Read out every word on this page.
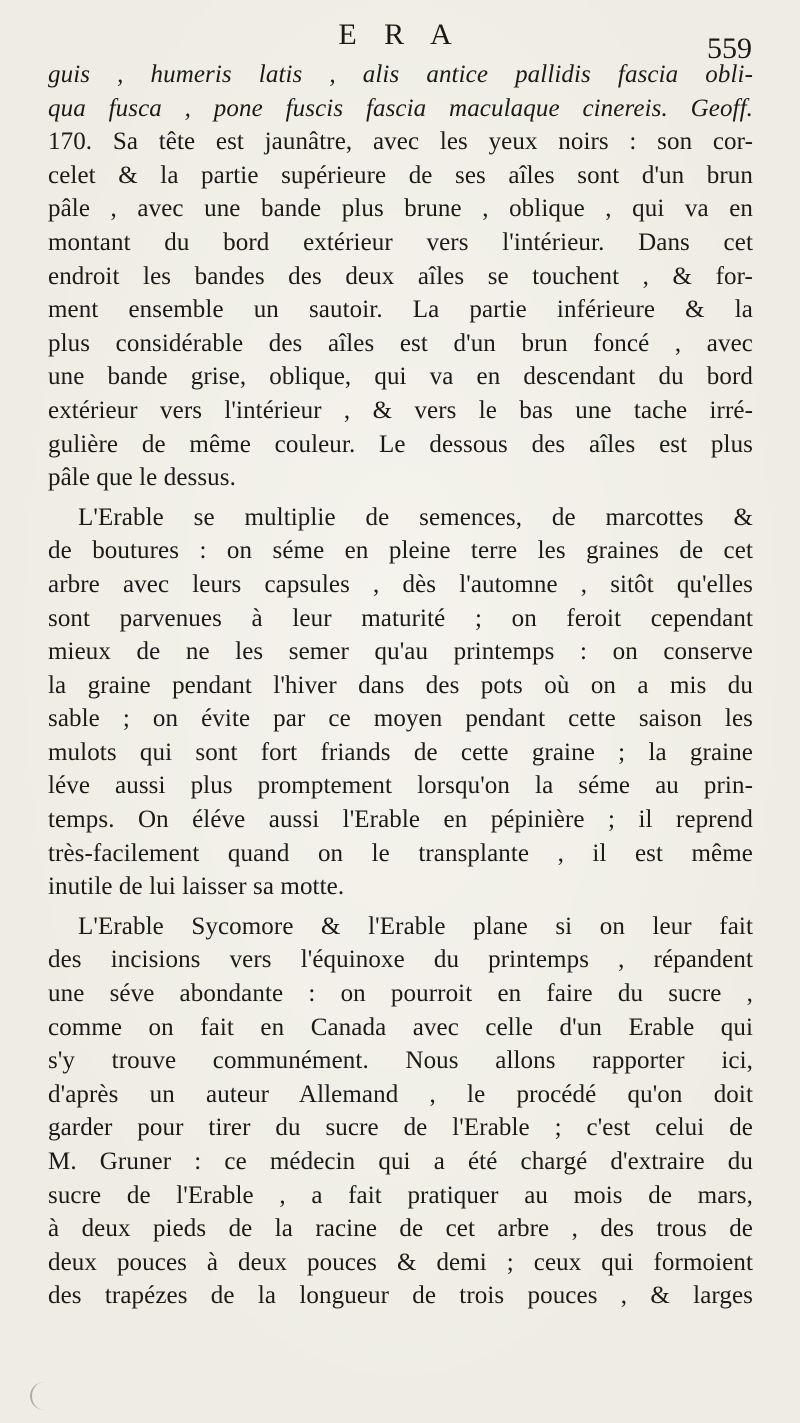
E R A	559
guis , humeris latis , alis antice pallidis fascia obli-
qua fusca , pone fuscis fascia maculaque cinereis. Geoff.
170. Sa tête est jaunâtre, avec les yeux noirs : son cor-
celet & la partie supérieure de ses aîles sont d'un brun
pâle , avec une bande plus brune , oblique , qui va en
montant du bord extérieur vers l'intérieur. Dans cet
endroit les bandes des deux aîles se touchent , & for-
ment ensemble un sautoir. La partie inférieure & la
plus considérable des aîles est d'un brun foncé , avec
une bande grise, oblique, qui va en descendant du bord
extérieur vers l'intérieur , & vers le bas une tache irré-
gulière de même couleur. Le dessous des aîles est plus
pâle que le dessus.
L'Erable se multiplie de semences, de marcottes &
de boutures : on séme en pleine terre les graines de cet
arbre avec leurs capsules , dès l'automne , sitôt qu'elles
sont parvenues à leur maturité ; on feroit cependant
mieux de ne les semer qu'au printemps : on conserve
la graine pendant l'hiver dans des pots où on a mis du
sable ; on évite par ce moyen pendant cette saison les
mulots qui sont fort friands de cette graine ; la graine
léve aussi plus promptement lorsqu'on la séme au prin-
temps. On éléve aussi l'Erable en pépinière ; il reprend
très-facilement quand on le transplante , il est même
inutile de lui laisser sa motte.
L'Erable Sycomore & l'Erable plane si on leur fait
des incisions vers l'équinoxe du printemps , répandent
une séve abondante : on pourroit en faire du sucre ,
comme on fait en Canada avec celle d'un Erable qui
s'y trouve communément. Nous allons rapporter ici,
d'après un auteur Allemand , le procédé qu'on doit
garder pour tirer du sucre de l'Erable ; c'est celui de
M. Gruner : ce médecin qui a été chargé d'extraire du
sucre de l'Erable , a fait pratiquer au mois de mars,
à deux pieds de la racine de cet arbre , des trous de
deux pouces à deux pouces & demi ; ceux qui formoient
des trapézes de la longueur de trois pouces , & larges
